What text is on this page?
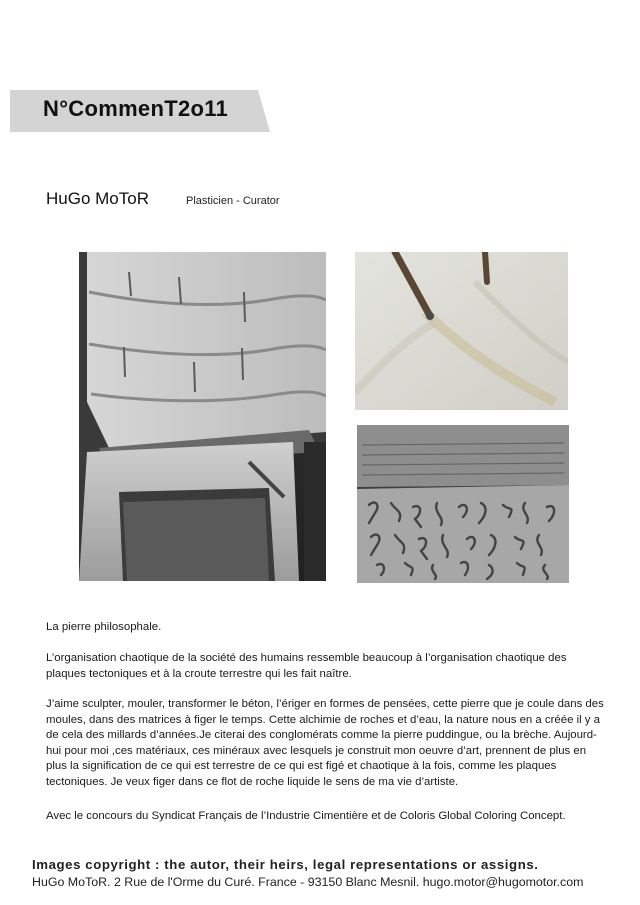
N°CommenT2o11
HuGo MoToR	Plasticien - Curator
La pierre philosophale.
L’organisation chaotique de la société des humains ressemble beaucoup à l’organisation chaotique des plaques tectoniques et à la croute terrestre qui les fait naître.
J’aime sculpter, mouler, transformer le béton, l’ériger en formes de pensées, cette pierre que je coule dans des moules, dans des matrices à figer le temps. Cette alchimie de roches et d’eau, la nature nous en a créée il y a de cela des millards d’années.Je citerai des conglomérats comme la pierre puddingue, ou la brèche. Aujourd-hui pour moi ,ces matériaux, ces minéraux avec lesquels je construit mon oeuvre d’art, prennent de plus en plus la signification de ce qui est terrestre de ce qui est figé et chaotique à la fois, comme les plaques tectoniques. Je veux figer dans ce flot de roche liquide le sens de ma vie d’artiste.
Avec le concours du Syndicat Français de l’Industrie Cimentière et de Coloris Global Coloring Concept.
Images copyright : the autor, their heirs, legal representations or assigns.
HuGo MoToR. 2 Rue de l'Orme du Curé. France - 93150 Blanc Mesnil. hugo.motor@hugomotor.com
